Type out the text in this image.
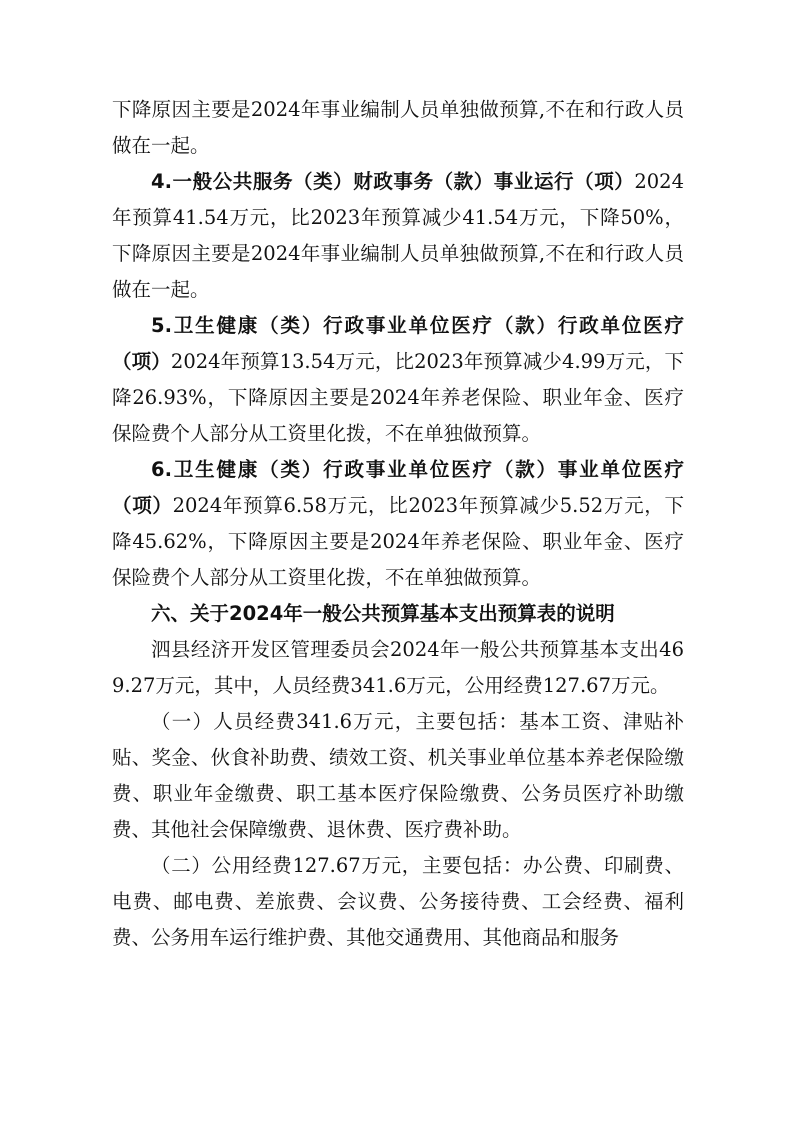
下降原因主要是2024年事业编制人员单独做预算,不在和行政人员做在一起。

4.一般公共服务（类）财政事务（款）事业运行（项）2024年预算41.54万元，比2023年预算减少41.54万元，下降50%，下降原因主要是2024年事业编制人员单独做预算,不在和行政人员做在一起。

5.卫生健康（类）行政事业单位医疗（款）行政单位医疗（项）2024年预算13.54万元，比2023年预算减少4.99万元，下降26.93%，下降原因主要是2024年养老保险、职业年金、医疗保险费个人部分从工资里化拨，不在单独做预算。

6.卫生健康（类）行政事业单位医疗（款）事业单位医疗（项）2024年预算6.58万元，比2023年预算减少5.52万元，下降45.62%，下降原因主要是2024年养老保险、职业年金、医疗保险费个人部分从工资里化拨，不在单独做预算。

六、关于2024年一般公共预算基本支出预算表的说明

泗县经济开发区管理委员会2024年一般公共预算基本支出469.27万元，其中，人员经费341.6万元，公用经费127.67万元。

（一）人员经费341.6万元，主要包括：基本工资、津贴补贴、奖金、伙食补助费、绩效工资、机关事业单位基本养老保险缴费、职业年金缴费、职工基本医疗保险缴费、公务员医疗补助缴费、其他社会保障缴费、退休费、医疗费补助。

（二）公用经费127.67万元，主要包括：办公费、印刷费、电费、邮电费、差旅费、会议费、公务接待费、工会经费、福利费、公务用车运行维护费、其他交通费用、其他商品和服务
